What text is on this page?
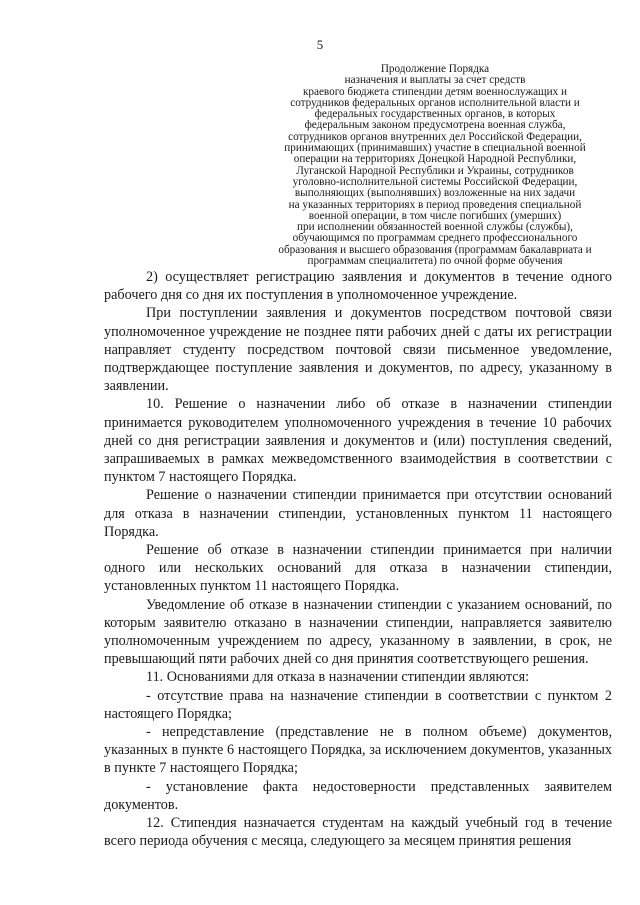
5
Продолжение Порядка
назначения и выплаты за счет средств
краевого бюджета стипендии детям военнослужащих и
сотрудников федеральных органов исполнительной власти и
федеральных государственных органов, в которых
федеральным законом предусмотрена военная служба,
сотрудников органов внутренних дел Российской Федерации,
принимающих (принимавших) участие в специальной военной
операции на территориях Донецкой Народной Республики,
Луганской Народной Республики и Украины, сотрудников
уголовно-исполнительной системы Российской Федерации,
выполняющих (выполнявших) возложенные на них задачи
на указанных территориях в период проведения специальной
военной операции, в том числе погибших (умерших)
при исполнении обязанностей военной службы (службы),
обучающимся по программам среднего профессионального
образования и высшего образования (программам бакалавриата и
программам специалитета) по очной форме обучения

2) осуществляет регистрацию заявления и документов в течение одного рабочего дня со дня их поступления в уполномоченное учреждение.

При поступлении заявления и документов посредством почтовой связи уполномоченное учреждение не позднее пяти рабочих дней с даты их регистрации направляет студенту посредством почтовой связи письменное уведомление, подтверждающее поступление заявления и документов, по адресу, указанному в заявлении.

10. Решение о назначении либо об отказе в назначении стипендии принимается руководителем уполномоченного учреждения в течение 10 рабочих дней со дня регистрации заявления и документов и (или) поступления сведений, запрашиваемых в рамках межведомственного взаимодействия в соответствии с пунктом 7 настоящего Порядка.

Решение о назначении стипендии принимается при отсутствии оснований для отказа в назначении стипендии, установленных пунктом 11 настоящего Порядка.

Решение об отказе в назначении стипендии принимается при наличии одного или нескольких оснований для отказа в назначении стипендии, установленных пунктом 11 настоящего Порядка.

Уведомление об отказе в назначении стипендии с указанием оснований, по которым заявителю отказано в назначении стипендии, направляется заявителю уполномоченным учреждением по адресу, указанному в заявлении, в срок, не превышающий пяти рабочих дней со дня принятия соответствующего решения.

11. Основаниями для отказа в назначении стипендии являются:

- отсутствие права на назначение стипендии в соответствии с пунктом 2 настоящего Порядка;

- непредставление (представление не в полном объеме) документов, указанных в пункте 6 настоящего Порядка, за исключением документов, указанных в пункте 7 настоящего Порядка;

- установление факта недостоверности представленных заявителем документов.

12. Стипендия назначается студентам на каждый учебный год в течение всего периода обучения с месяца, следующего за месяцем принятия решения
